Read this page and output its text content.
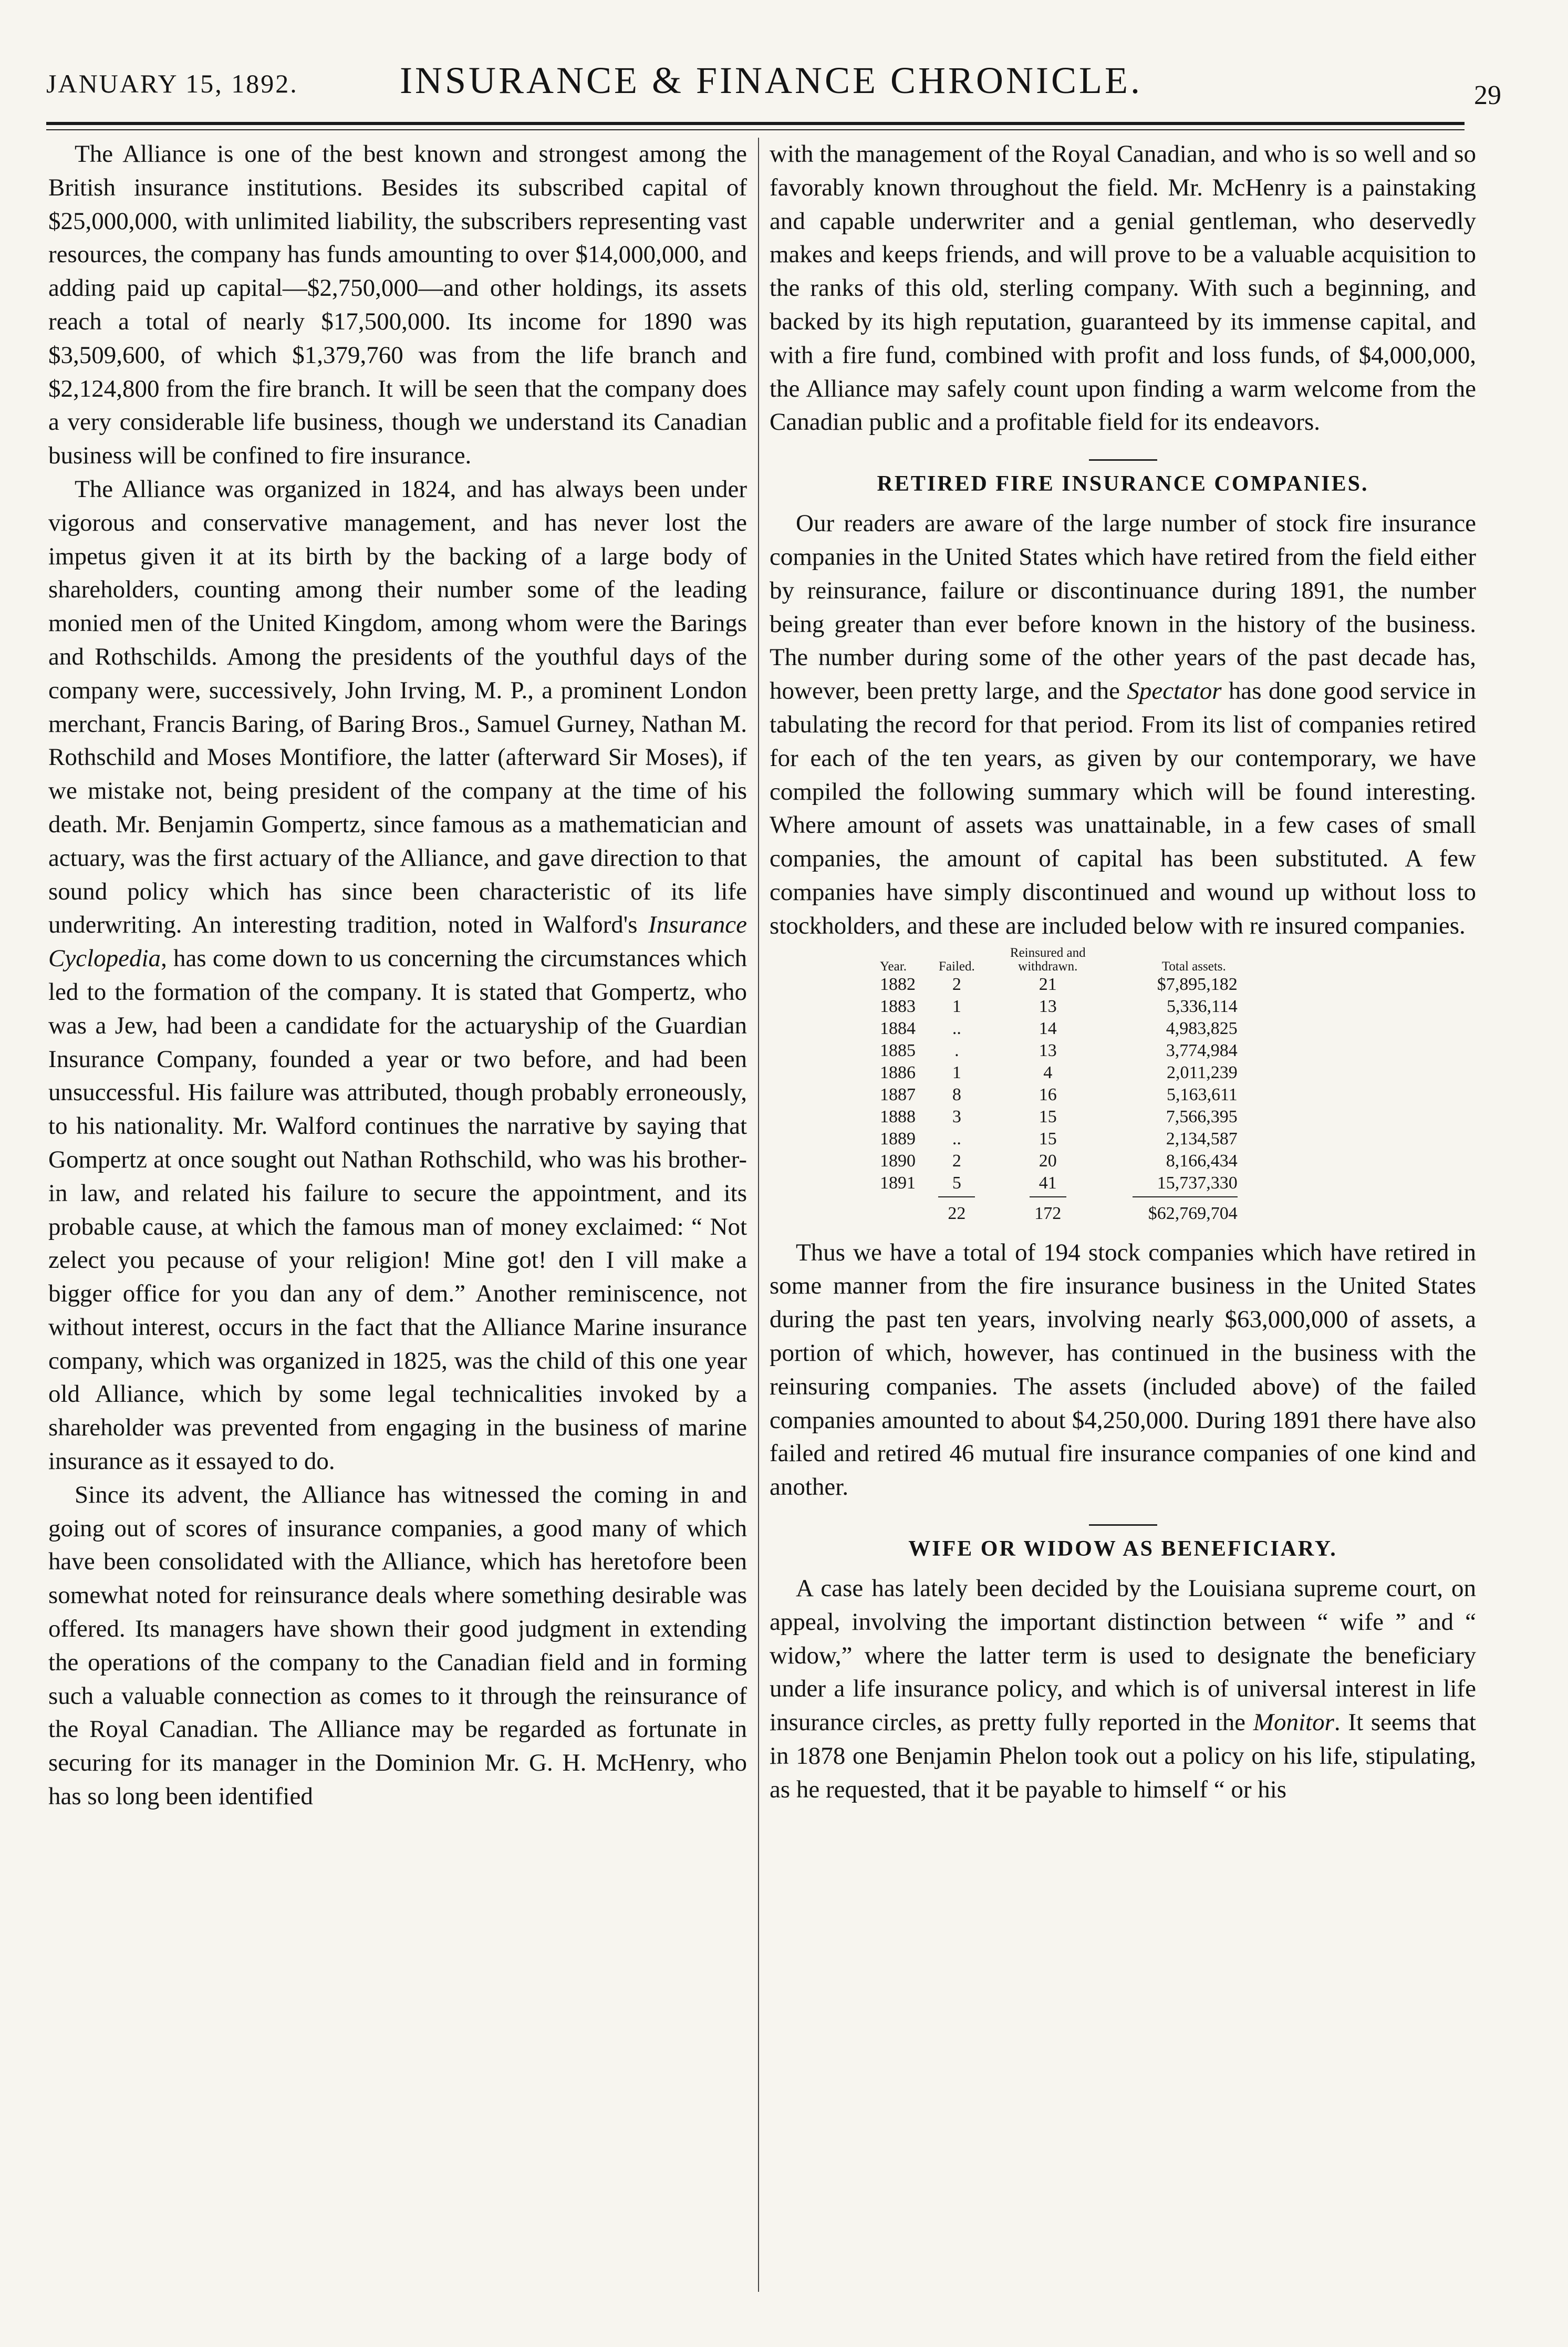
JANUARY 15, 1892.	INSURANCE & FINANCE CHRONICLE.	29

The Alliance is one of the best known and strongest among the British insurance institutions. Besides its subscribed capital of $25,000,000, with unlimited liability, the subscribers representing vast resources, the company has funds amounting to over $14,000,000, and adding paid up capital—$2,750,000—and other holdings, its assets reach a total of nearly $17,500,000. Its income for 1890 was $3,509,600, of which $1,379,760 was from the life branch and $2,124,800 from the fire branch. It will be seen that the company does a very considerable life business, though we understand its Canadian business will be confined to fire insurance.

The Alliance was organized in 1824, and has always been under vigorous and conservative management, and has never lost the impetus given it at its birth by the backing of a large body of shareholders, counting among their number some of the leading monied men of the United Kingdom, among whom were the Barings and Rothschilds. Among the presidents of the youthful days of the company were, successively, John Irving, M. P., a prominent London merchant, Francis Baring, of Baring Bros., Samuel Gurney, Nathan M. Rothschild and Moses Montifiore, the latter (afterward Sir Moses), if we mistake not, being president of the company at the time of his death. Mr. Benjamin Gompertz, since famous as a mathematician and actuary, was the first actuary of the Alliance, and gave direction to that sound policy which has since been characteristic of its life underwriting. An interesting tradition, noted in Walford's Insurance Cyclopedia, has come down to us concerning the circumstances which led to the formation of the company. It is stated that Gompertz, who was a Jew, had been a candidate for the actuaryship of the Guardian Insurance Company, founded a year or two before, and had been unsuccessful. His failure was attributed, though probably erroneously, to his nationality. Mr. Walford continues the narrative by saying that Gompertz at once sought out Nathan Rothschild, who was his brother-in law, and related his failure to secure the appointment, and its probable cause, at which the famous man of money exclaimed: “ Not zelect you pecause of your religion! Mine got! den I vill make a bigger office for you dan any of dem.” Another reminiscence, not without interest, occurs in the fact that the Alliance Marine insurance company, which was organized in 1825, was the child of this one year old Alliance, which by some legal technicalities invoked by a shareholder was prevented from engaging in the business of marine insurance as it essayed to do.

Since its advent, the Alliance has witnessed the coming in and going out of scores of insurance companies, a good many of which have been consolidated with the Alliance, which has heretofore been somewhat noted for reinsurance deals where something desirable was offered. Its managers have shown their good judgment in extending the operations of the company to the Canadian field and in forming such a valuable connection as comes to it through the reinsurance of the Royal Canadian. The Alliance may be regarded as fortunate in securing for its manager in the Dominion Mr. G. H. McHenry, who has so long been identified

with the management of the Royal Canadian, and who is so well and so favorably known throughout the field. Mr. McHenry is a painstaking and capable underwriter and a genial gentleman, who deservedly makes and keeps friends, and will prove to be a valuable acquisition to the ranks of this old, sterling company. With such a beginning, and backed by its high reputation, guaranteed by its immense capital, and with a fire fund, combined with profit and loss funds, of $4,000,000, the Alliance may safely count upon finding a warm welcome from the Canadian public and a profitable field for its endeavors.

RETIRED FIRE INSURANCE COMPANIES.

Our readers are aware of the large number of stock fire insurance companies in the United States which have retired from the field either by reinsurance, failure or discontinuance during 1891, the number being greater than ever before known in the history of the business. The number during some of the other years of the past decade has, however, been pretty large, and the Spectator has done good service in tabulating the record for that period. From its list of companies retired for each of the ten years, as given by our contemporary, we have compiled the following summary which will be found interesting. Where amount of assets was unattainable, in a few cases of small companies, the amount of capital has been substituted. A few companies have simply discontinued and wound up without loss to stockholders, and these are included below with re insured companies.

Year.	Failed.	Reinsured and withdrawn.	Total assets.
1882	2	21	$7,895,182
1883	1	13	5,336,114
1884	..	14	4,983,825
1885	.	13	3,774,984
1886	1	4	2,011,239
1887	8	16	5,163,611
1888	3	15	7,566,395
1889	..	15	2,134,587
1890	2	20	8,166,434
1891	5	41	15,737,330

	22	172	$62,769,704

Thus we have a total of 194 stock companies which have retired in some manner from the fire insurance business in the United States during the past ten years, involving nearly $63,000,000 of assets, a portion of which, however, has continued in the business with the reinsuring companies. The assets (included above) of the failed companies amounted to about $4,250,000. During 1891 there have also failed and retired 46 mutual fire insurance companies of one kind and another.

WIFE OR WIDOW AS BENEFICIARY.

A case has lately been decided by the Louisiana supreme court, on appeal, involving the important distinction between “ wife ” and “ widow,” where the latter term is used to designate the beneficiary under a life insurance policy, and which is of universal interest in life insurance circles, as pretty fully reported in the Monitor. It seems that in 1878 one Benjamin Phelon took out a policy on his life, stipulating, as he requested, that it be payable to himself “ or his
